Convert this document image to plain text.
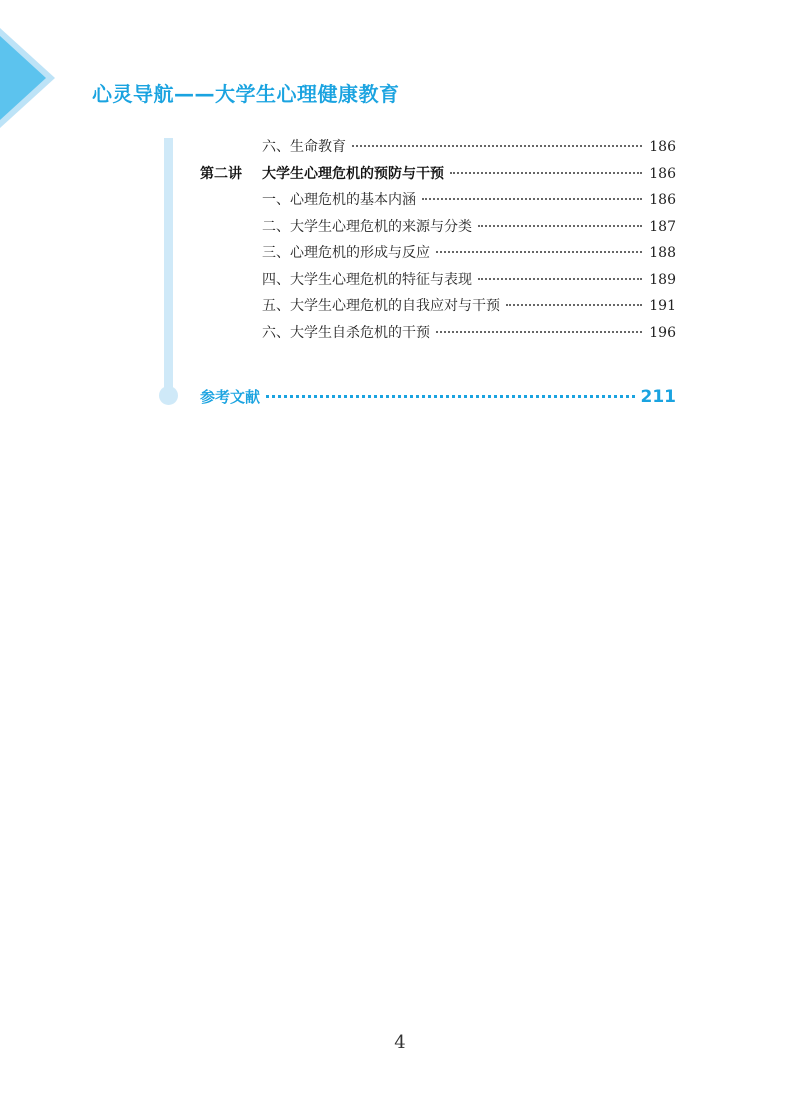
心灵导航——大学生心理健康教育
六、生命教育	186
第二讲	大学生心理危机的预防与干预	186
一、心理危机的基本内涵	186
二、大学生心理危机的来源与分类	187
三、心理危机的形成与反应	188
四、大学生心理危机的特征与表现	189
五、大学生心理危机的自我应对与干预	191
六、大学生自杀危机的干预	196
参考文献	211
4
